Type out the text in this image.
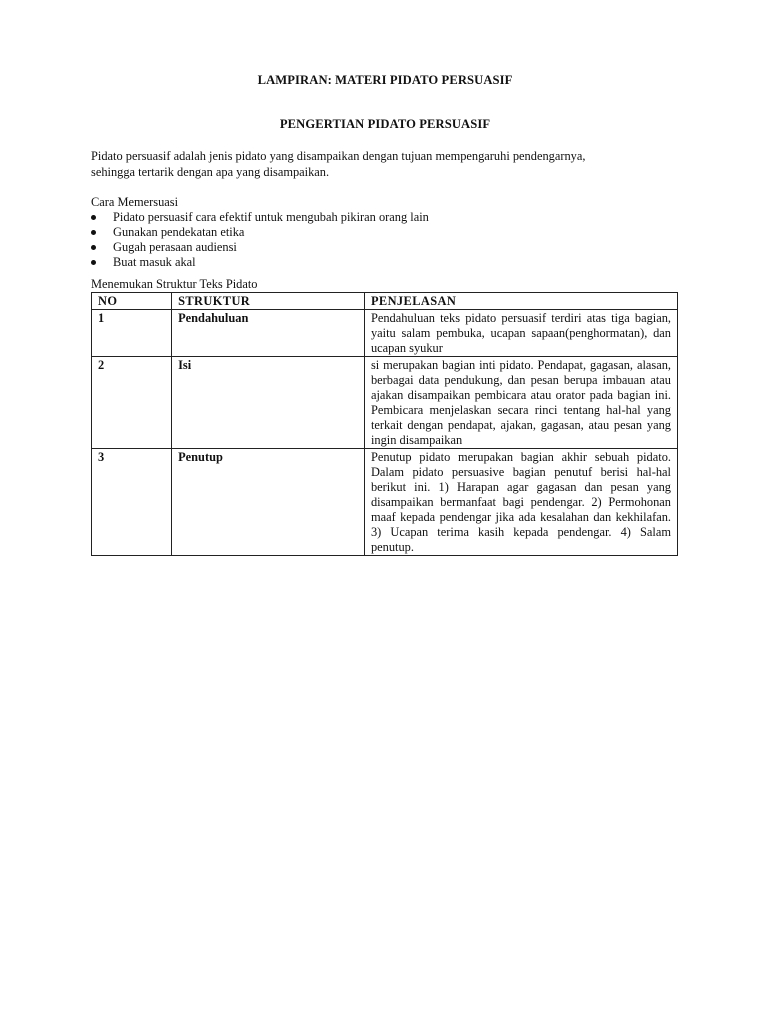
LAMPIRAN: MATERI PIDATO PERSUASIF
PENGERTIAN PIDATO PERSUASIF

Pidato persuasif adalah jenis pidato yang disampaikan dengan tujuan mempengaruhi pendengarnya, sehingga tertarik dengan apa yang disampaikan.

Cara Memersuasi

Pidato persuasif cara efektif untuk mengubah pikiran orang lain
Gunakan pendekatan etika
Gugah perasaan audiensi
Buat masuk akal

Menemukan Struktur Teks Pidato

NO	STRUKTUR	PENJELASAN
1	Pendahuluan	Pendahuluan teks pidato persuasif terdiri atas tiga bagian, yaitu salam pembuka, ucapan sapaan(penghormatan), dan ucapan syukur
2	Isi	si merupakan bagian inti pidato. Pendapat, gagasan, alasan, berbagai data pendukung, dan pesan berupa imbauan atau ajakan disampaikan pembicara atau orator pada bagian ini. Pembicara menjelaskan secara rinci tentang hal-hal yang terkait dengan pendapat, ajakan, gagasan, atau pesan yang ingin disampaikan
3	Penutup	Penutup pidato merupakan bagian akhir sebuah pidato. Dalam pidato persuasive bagian penutuf berisi hal-hal berikut ini. 1) Harapan agar gagasan dan pesan yang disampaikan bermanfaat bagi pendengar. 2) Permohonan maaf kepada pendengar jika ada kesalahan dan kekhilafan. 3) Ucapan terima kasih kepada pendengar. 4) Salam penutup.
